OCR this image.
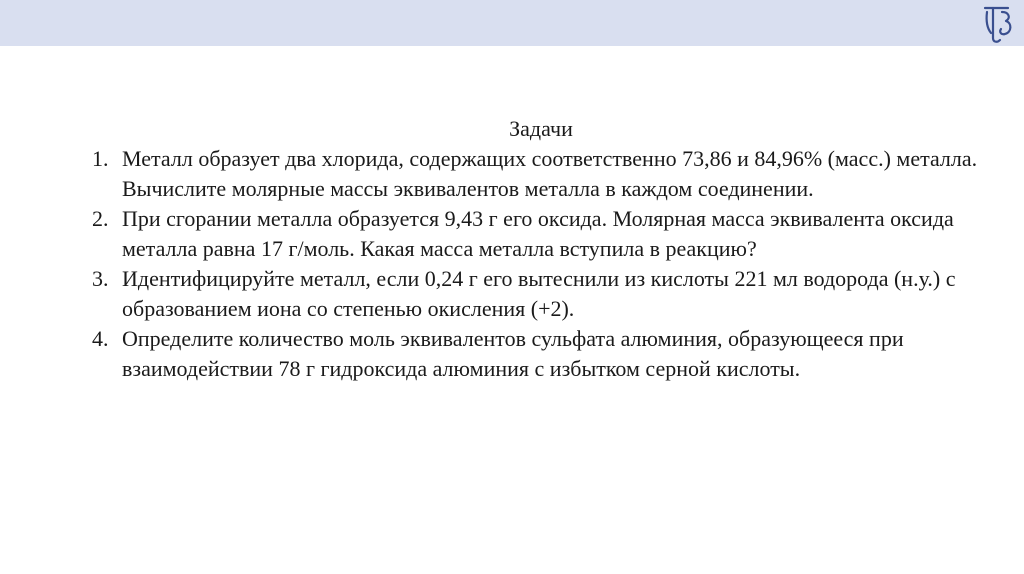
Задачи
1. Металл образует два хлорида, содержащих соответственно 73,86 и 84,96% (масс.) металла. Вычислите молярные массы эквивалентов металла в каждом соединении.
2. При сгорании металла образуется 9,43 г его оксида. Молярная масса эквивалента оксида металла равна 17 г/моль. Какая масса металла вступила в реакцию?
3. Идентифицируйте металл, если 0,24 г его вытеснили из кислоты 221 мл водорода (н.у.) с образованием иона со степенью окисления (+2).
4. Определите количество моль эквивалентов сульфата алюминия, образующееся при взаимодействии 78 г гидроксида алюминия с избытком серной кислоты.
